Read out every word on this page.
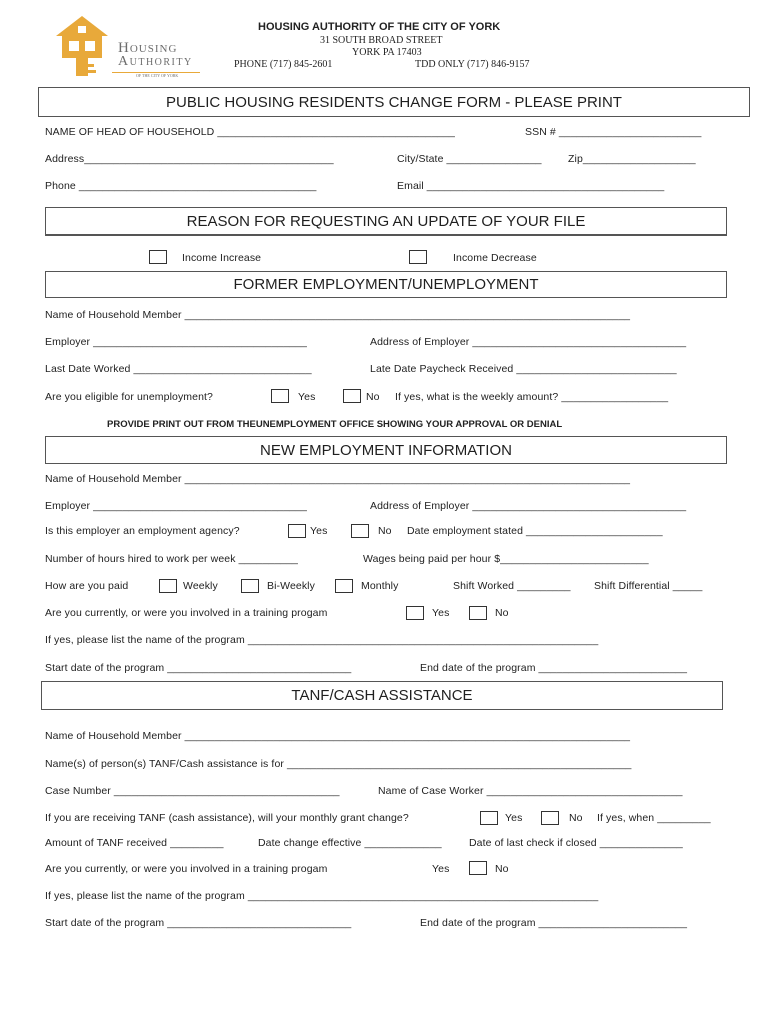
Housing
Authority
OF THE CITY OF YORK
HOUSING AUTHORITY OF THE CITY OF YORK
31 SOUTH BROAD STREET
YORK PA 17403
PHONE (717) 845-2601	TDD ONLY (717) 846-9157
PUBLIC HOUSING RESIDENTS CHANGE FORM - PLEASE PRINT
NAME OF HEAD OF HOUSEHOLD ________________________________________	SSN # ________________________
Address__________________________________________	City/State ________________	Zip___________________
Phone ________________________________________	Email ________________________________________
REASON FOR REQUESTING AN UPDATE OF YOUR FILE
Income Increase	Income Decrease
FORMER EMPLOYMENT/UNEMPLOYMENT
Name of Household Member ___________________________________________________________________________
Employer ____________________________________	Address of Employer ____________________________________
Last Date Worked ______________________________	Late Date Paycheck Received ___________________________
Are you eligible for unemployment?	Yes	No If yes, what is the weekly amount? __________________
PROVIDE PRINT OUT FROM THEUNEMPLOYMENT OFFICE SHOWING YOUR APPROVAL OR DENIAL
NEW EMPLOYMENT INFORMATION
Name of Household Member ___________________________________________________________________________
Employer ____________________________________	Address of Employer ____________________________________
Is this employer an employment agency?	Yes	No Date employment stated _______________________
Number of hours hired to work per week __________	Wages being paid per hour $_________________________
How are you paid	Weekly	Bi-Weekly	Monthly	Shift Worked _________ Shift Differential _____
Are you currently, or were you involved in a training progam	Yes	No
If yes, please list the name of the program ___________________________________________________________
Start date of the program _______________________________	End date of the program _________________________
TANF/CASH ASSISTANCE
Name of Household Member ___________________________________________________________________________
Name(s) of person(s) TANF/Cash assistance is for __________________________________________________________
Case Number ______________________________________	Name of Case Worker _________________________________
If you are receiving TANF (cash assistance), will your monthly grant change?	Yes	No If yes, when _________
Amount of TANF received _________	Date change effective _____________	Date of last check if closed ______________
Are you currently, or were you involved in a training progam	Yes	No
If yes, please list the name of the program ___________________________________________________________
Start date of the program _______________________________	End date of the program _________________________
